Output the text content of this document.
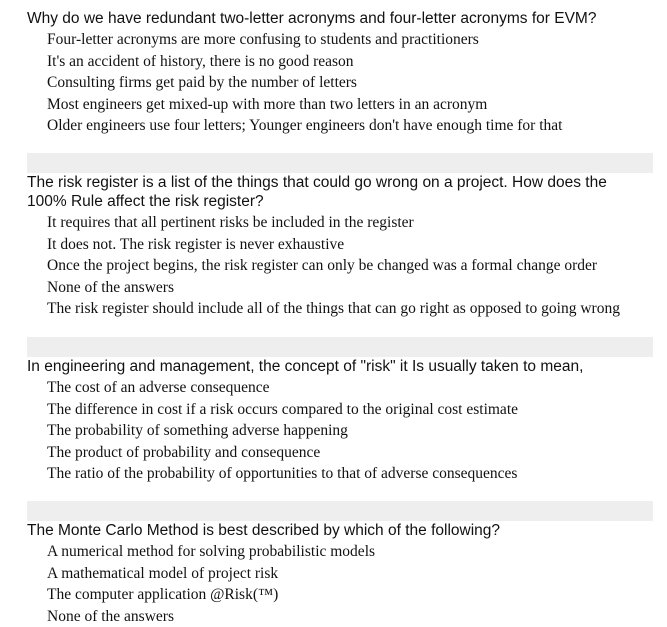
Why do we have redundant two-letter acronyms and four-letter acronyms for EVM?

Four-letter acronyms are more confusing to students and practitioners
It's an accident of history, there is no good reason
Consulting firms get paid by the number of letters
Most engineers get mixed-up with more than two letters in an acronym
Older engineers use four letters; Younger engineers don't have enough time for that

The risk register is a list of the things that could go wrong on a project. How does the 100% Rule affect the risk register?

It requires that all pertinent risks be included in the register
It does not. The risk register is never exhaustive
Once the project begins, the risk register can only be changed was a formal change order
None of the answers
The risk register should include all of the things that can go right as opposed to going wrong

In engineering and management, the concept of "risk" it Is usually taken to mean,

The cost of an adverse consequence
The difference in cost if a risk occurs compared to the original cost estimate
The probability of something adverse happening
The product of probability and consequence
The ratio of the probability of opportunities to that of adverse consequences

The Monte Carlo Method is best described by which of the following?

A numerical method for solving probabilistic models
A mathematical model of project risk
The computer application @Risk(™)
None of the answers
